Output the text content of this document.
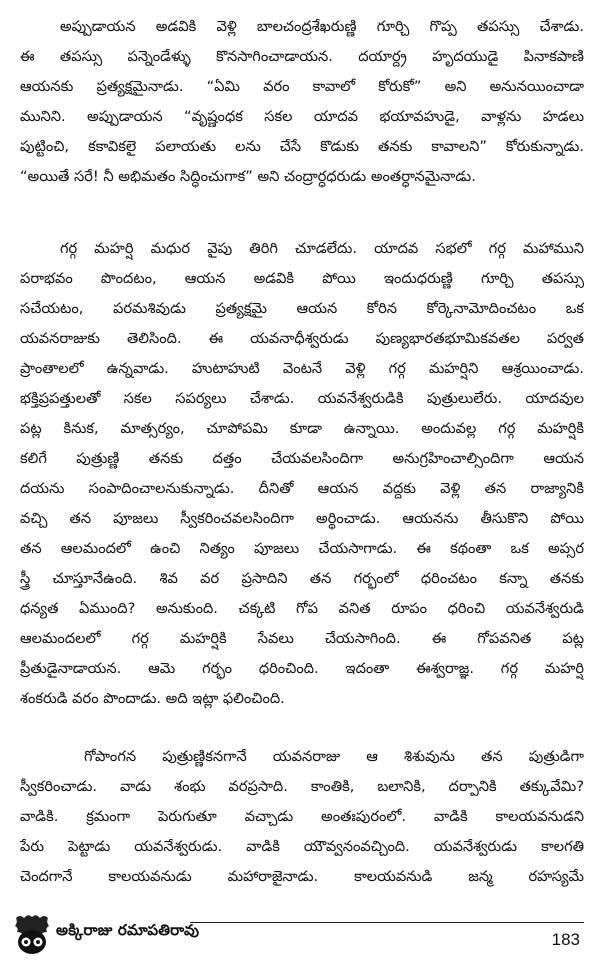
అప్పుడాయన అడవికి వెళ్లి బాలచంద్రశేఖరుణ్ణి గూర్చి గొప్ప తపస్సు చేశాడు.
ఈ తపస్సు పన్నెండేళ్ళు కొనసాగించాడాయన. దయార్ద్ర హృదయుడై పినాకపాణి
ఆయనకు ప్రత్యక్షమైనాడు. “ఏమి వరం కావాలో కోరుకో” అని అనునయించాడా
మునిని. అప్పుడాయన “వృష్ణంధక సకల యాదవ భయావహుడై, వాళ్లను హడలు
పుట్టించి, కకావికలై పలాయతు లను చేసే కొడుకు తనకు కావాలని” కోరుకున్నాడు.
“అయితే సరే! నీ అభిమతం సిద్ధించుగాక” అని చంద్రార్ధధరుడు అంతర్ధానమైనాడు.
గర్గ మహర్షి మధుర వైపు తిరిగి చూడలేదు. యాదవ సభలో గర్గ మహాముని
పరాభవం పొందటం, ఆయన అడవికి పోయి ఇందుధరుణ్ణి గూర్చి తపస్సు
సచేయటం, పరమశివుడు ప్రత్యక్షమై ఆయన కోరిన కోర్కెనామోదించటం ఒక
యవనరాజుకు తెలిసింది. ఈ యవనాధీశ్వరుడు పుణ్యభారతభూమికవతల పర్వత
ప్రాంతాలలో ఉన్నవాడు. హుటాహుటి వెంటనే వెళ్లి గర్గ మహర్షిని ఆశ్రయించాడు.
భక్తిప్రపత్తులతో సకల సపర్యలు చేశాడు. యవనేశ్వరుడికి పుత్రులులేరు. యాదవుల
పట్ల కినుక, మాత్సర్యం, చూపోపమి కూడా ఉన్నాయి. అందువల్ల గర్గ మహర్షికి
కలిగే పుత్రుణ్ణి తనకు దత్తం చేయవలసిందిగా అనుగ్రహించాల్సిందిగా ఆయన
దయను సంపాదించాలనుకున్నాడు. దీనితో ఆయన వద్దకు వెళ్లి తన రాజ్యానికి
వచ్చి తన పూజలు స్వీకరించవలసిందిగా అర్థించాడు. ఆయనను తీసుకొని పోయి
తన ఆలమందలో ఉంచి నిత్యం పూజలు చేయసాగాడు. ఈ కథంతా ఒక అప్సర
స్త్రీ చూస్తూనేఉంది. శివ వర ప్రసాదిని తన గర్భంలో ధరించటం కన్నా తనకు
ధన్యత ఏముంది? అనుకుంది. చక్కటి గోప వనిత రూపం ధరించి యవనేశ్వరుడి
ఆలమందలలో గర్గ మహర్షికి సేవలు చేయసాగింది. ఈ గోపవనిత పట్ల
ప్రీతుడైనాడాయన. ఆమె గర్భం ధరించింది. ఇదంతా ఈశ్వరాజ్ఞ. గర్గ మహర్షి
శంకరుడి వరం పొందాడు. అది ఇట్లా ఫలించింది.
గోపాంగన పుత్రుణ్ణికనగానే యవనరాజు ఆ శిశువును తన పుత్రుడిగా
స్వీకరించాడు. వాడు శంభు వరప్రసాది. కాంతికి, బలానికి, దర్పానికి తక్కువేమి?
వాడికి. క్రమంగా పెరుగుతూ వచ్చాడు అంతఃపురంలో. వాడికి కాలయవనుడని
పేరు పెట్టాడు యవనేశ్వరుడు. వాడికి యౌవ్వనంవచ్చింది. యవనేశ్వరుడు కాలగతి
చెందగానే కాలయవనుడు మహారాజైనాడు. కాలయవనుడి జన్మ రహస్యమే
అక్కిరాజు రమాపతిరావు	183
